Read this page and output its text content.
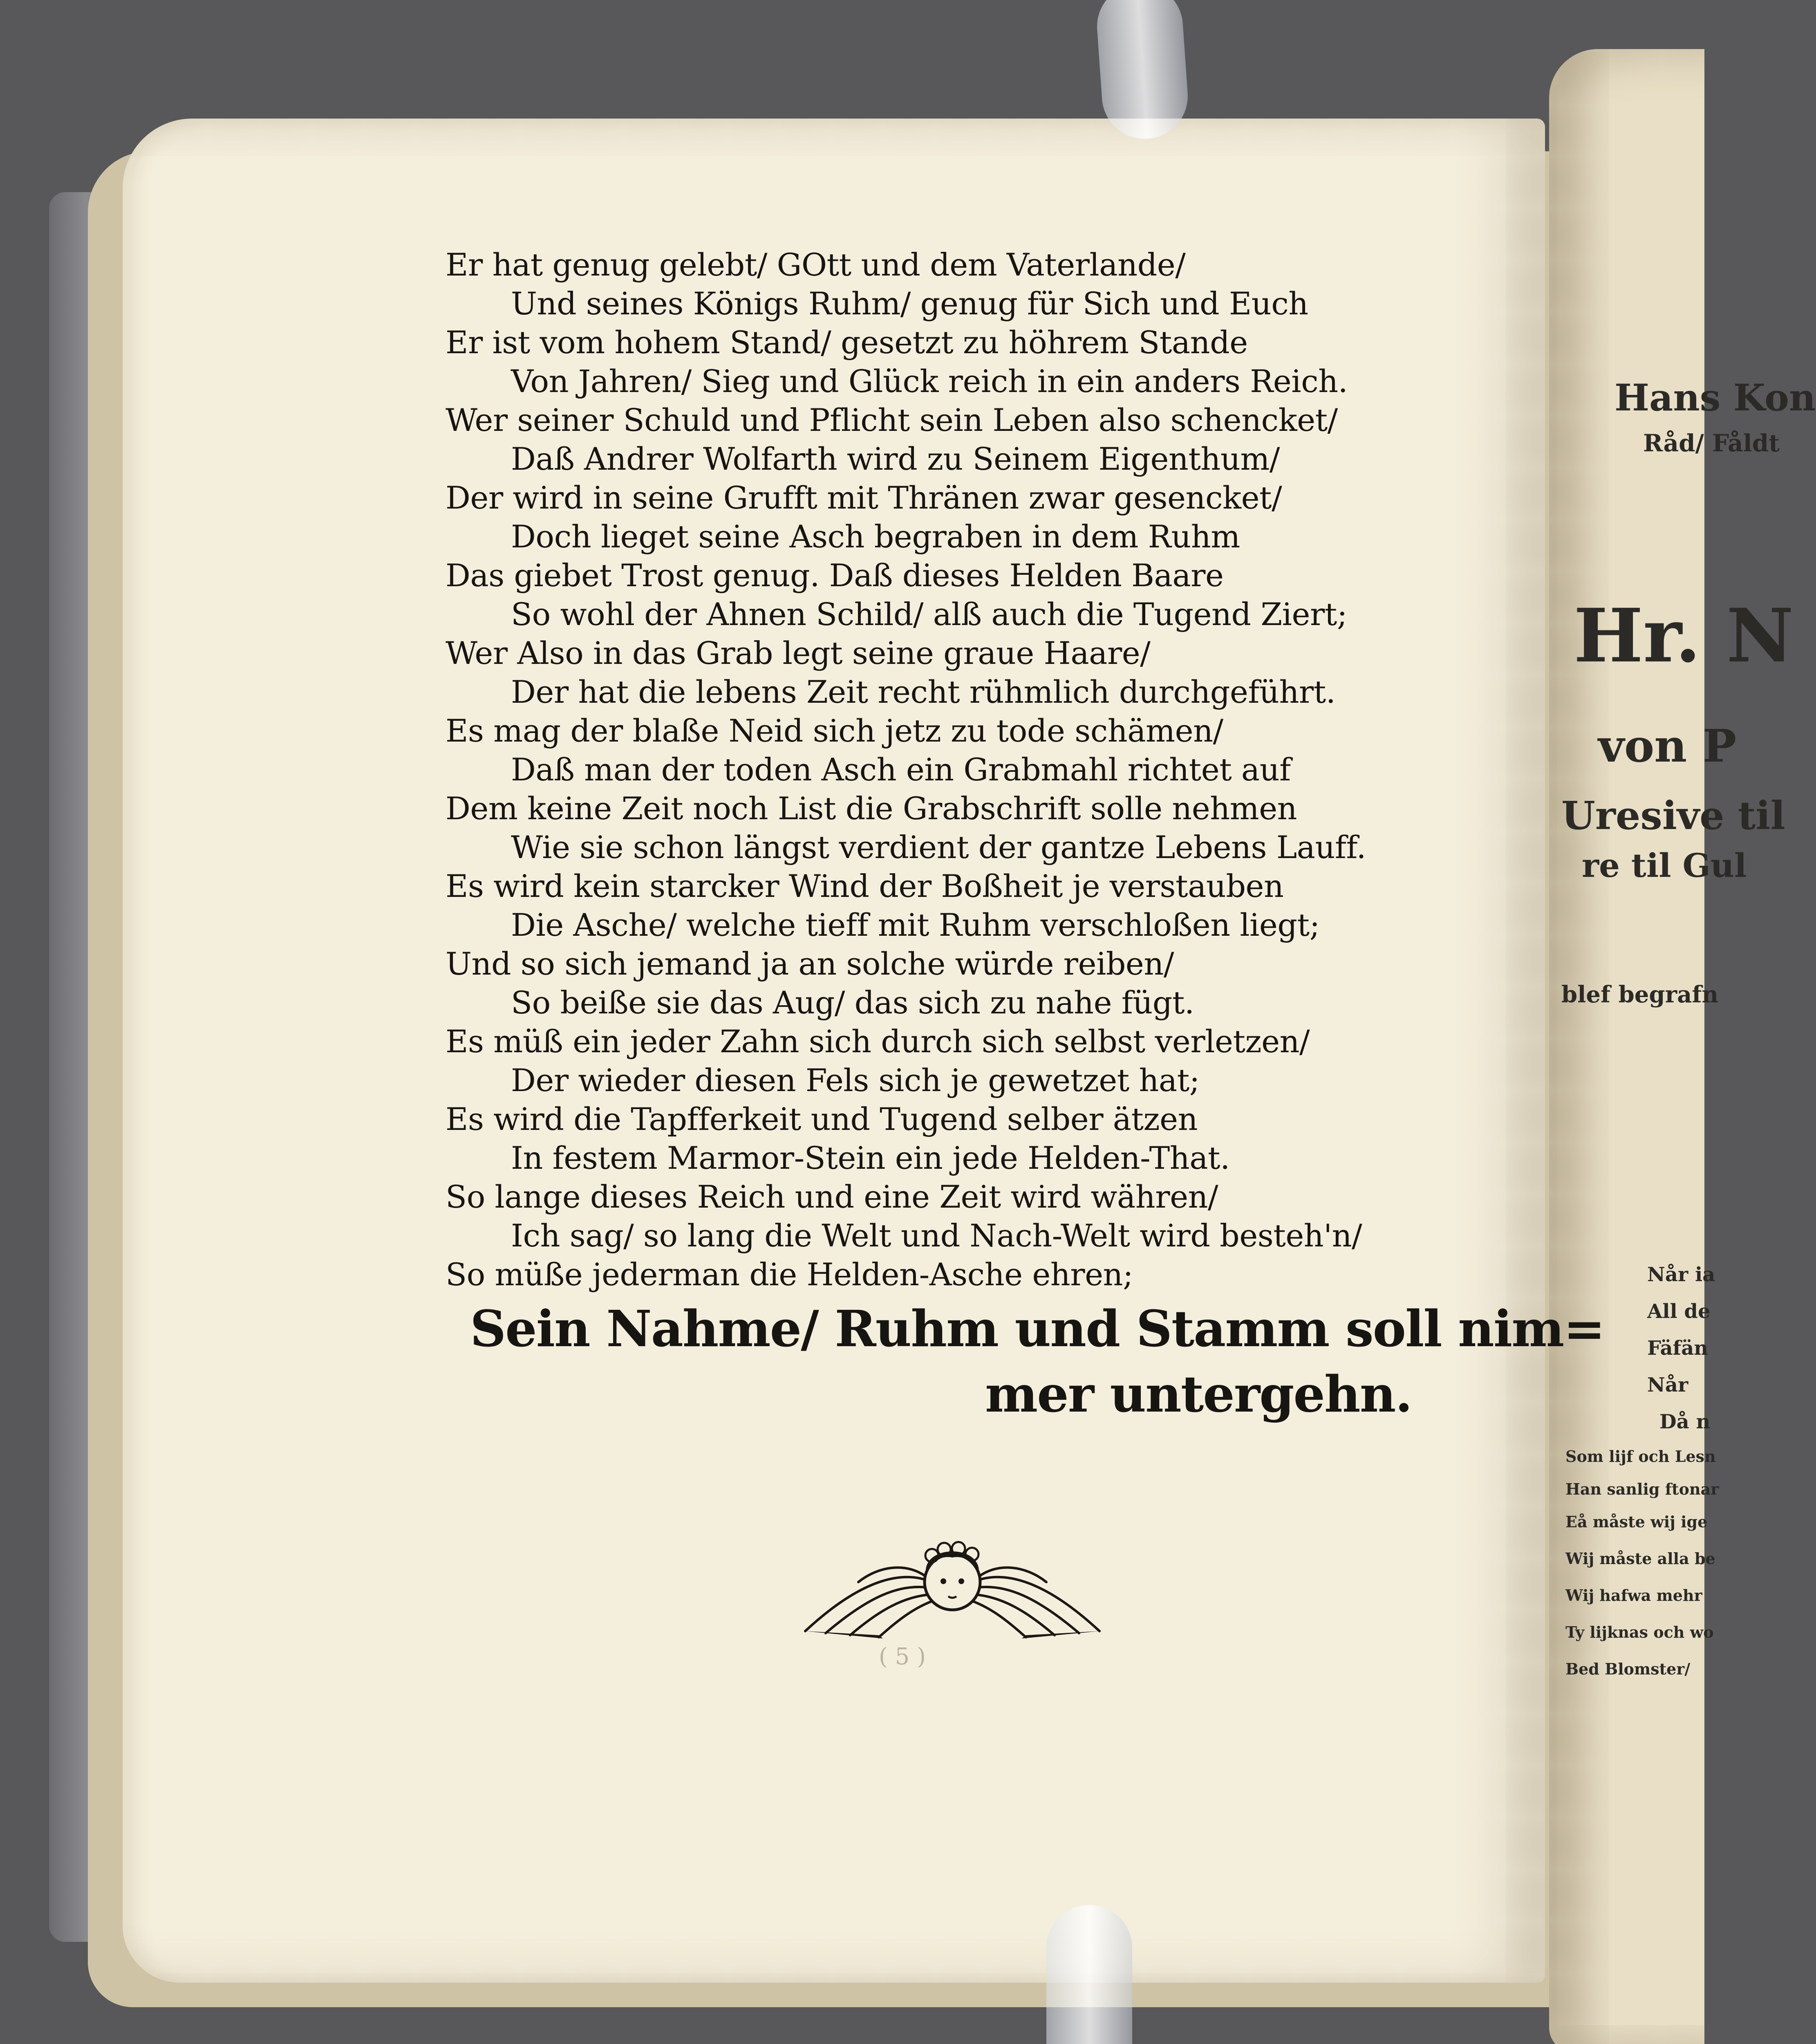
Hans Kon
Råd/ Fåldt
Hr. N
von P
Uresive til
re til Gul
blef begrafn
Når ia
All de
Fäfän
Når
Då n
Som lijf och Lesn
Han sanlig ftonar
Eå måste wij ige
Wij måste alla be
Wij hafwa mehr
Ty lijknas och wo
Bed Blomster/
Er hat genug gelebt/ GOtt und dem Vaterlande/
Und seines Königs Ruhm/ genug für Sich und Euch
Er ist vom hohem Stand/ gesetzt zu höhrem Stande
Von Jahren/ Sieg und Glück reich in ein anders Reich.
Wer seiner Schuld und Pflicht sein Leben also schencket/
Daß Andrer Wolfarth wird zu Seinem Eigenthum/
Der wird in seine Grufft mit Thränen zwar gesencket/
Doch lieget seine Asch begraben in dem Ruhm
Das giebet Trost genug. Daß dieses Helden Baare
So wohl der Ahnen Schild/ alß auch die Tugend Ziert;
Wer Also in das Grab legt seine graue Haare/
Der hat die lebens Zeit recht rühmlich durchgeführt.
Es mag der blaße Neid sich jetz zu tode schämen/
Daß man der toden Asch ein Grabmahl richtet auf
Dem keine Zeit noch List die Grabschrift solle nehmen
Wie sie schon längst verdient der gantze Lebens Lauff.
Es wird kein starcker Wind der Boßheit je verstauben
Die Asche/ welche tieff mit Ruhm verschloßen liegt;
Und so sich jemand ja an solche würde reiben/
So beiße sie das Aug/ das sich zu nahe fügt.
Es müß ein jeder Zahn sich durch sich selbst verletzen/
Der wieder diesen Fels sich je gewetzet hat;
Es wird die Tapfferkeit und Tugend selber ätzen
In festem Marmor-Stein ein jede Helden-That.
So lange dieses Reich und eine Zeit wird währen/
Ich sag/ so lang die Welt und Nach-Welt wird besteh'n/
So müße jederman die Helden-Asche ehren;
Sein Nahme/ Ruhm und Stamm soll nim=
mer untergehn.
( 5 )
